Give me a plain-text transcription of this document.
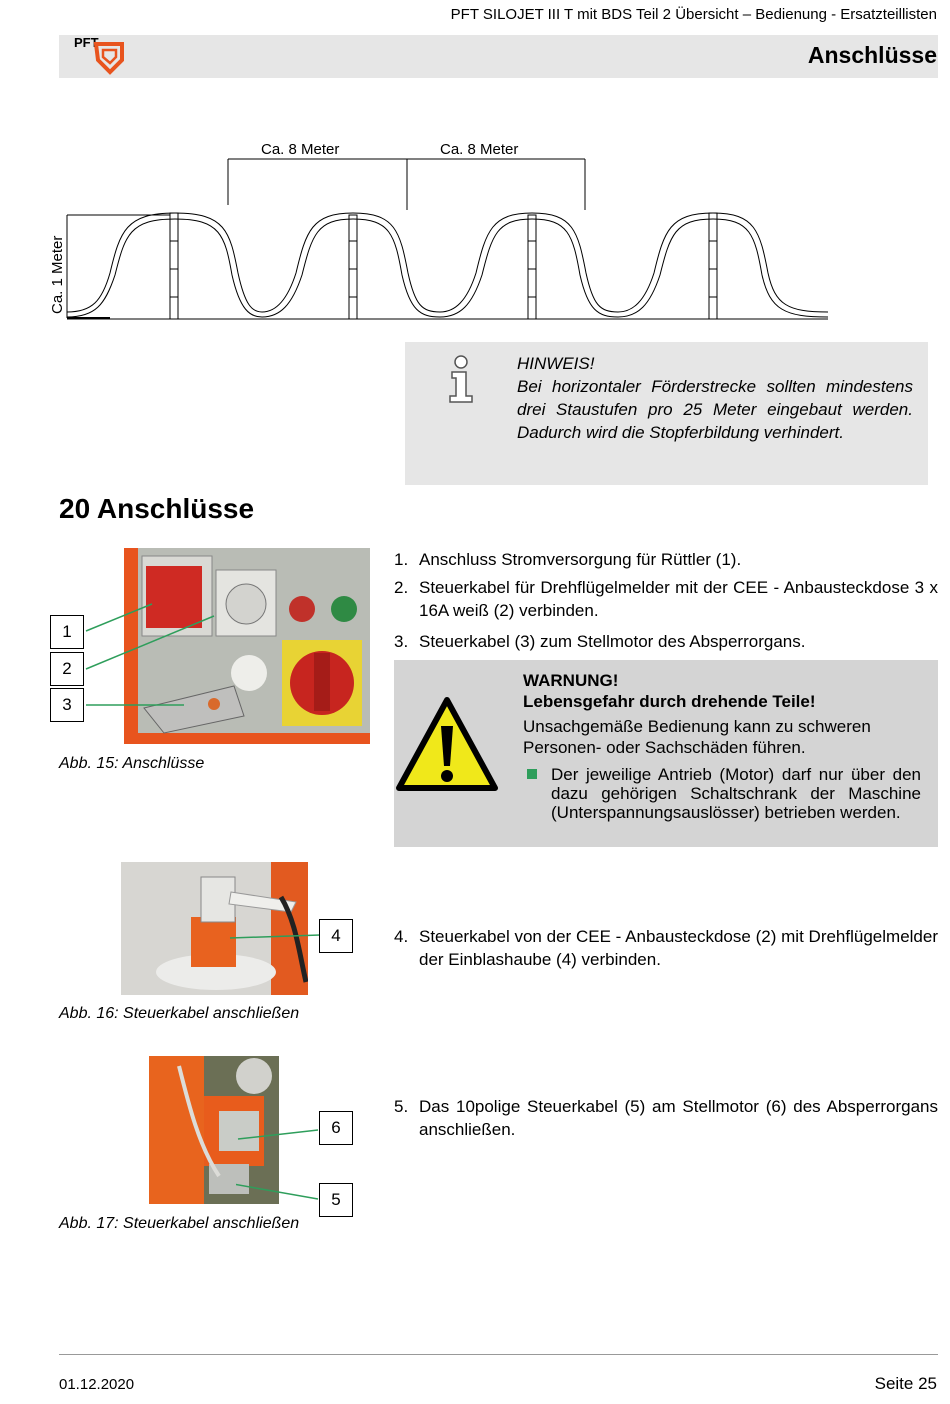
PFT SILOJET III T mit BDS Teil 2 Übersicht – Bedienung - Ersatzteillisten
PFT	Anschlüsse
Ca. 8 Meter	Ca. 8 Meter
Ca. 1 Meter

HINWEIS!

Bei horizontaler Förderstrecke sollten mindestens drei Staustufen pro 25 Meter eingebaut werden. Dadurch wird die Stopferbildung verhindert.

20 Anschlüsse
1
2
3
Abb. 15: Anschlüsse
1. Anschluss Stromversorgung für Rüttler (1).
2. Steuerkabel für Drehflügelmelder mit der CEE - Anbausteckdose 3 x 16A weiß (2) verbinden.
3. Steuerkabel (3) zum Stellmotor des Absperrorgans.
WARNUNG!
Lebensgefahr durch drehende Teile!
Unsachgemäße Bedienung kann zu schweren Personen- oder Sachschäden führen.
Der jeweilige Antrieb (Motor) darf nur über den dazu gehörigen Schaltschrank der Maschine (Unterspannungsauslösser) betrieben werden.
4
Abb. 16: Steuerkabel anschließen
4. Steuerkabel von der CEE - Anbausteckdose (2) mit Drehflügelmelder der Einblashaube (4) verbinden.
6
5
Abb. 17: Steuerkabel anschließen
5. Das 10polige Steuerkabel (5) am Stellmotor (6) des Absperrorgans anschließen.
01.12.2020	Seite 25
